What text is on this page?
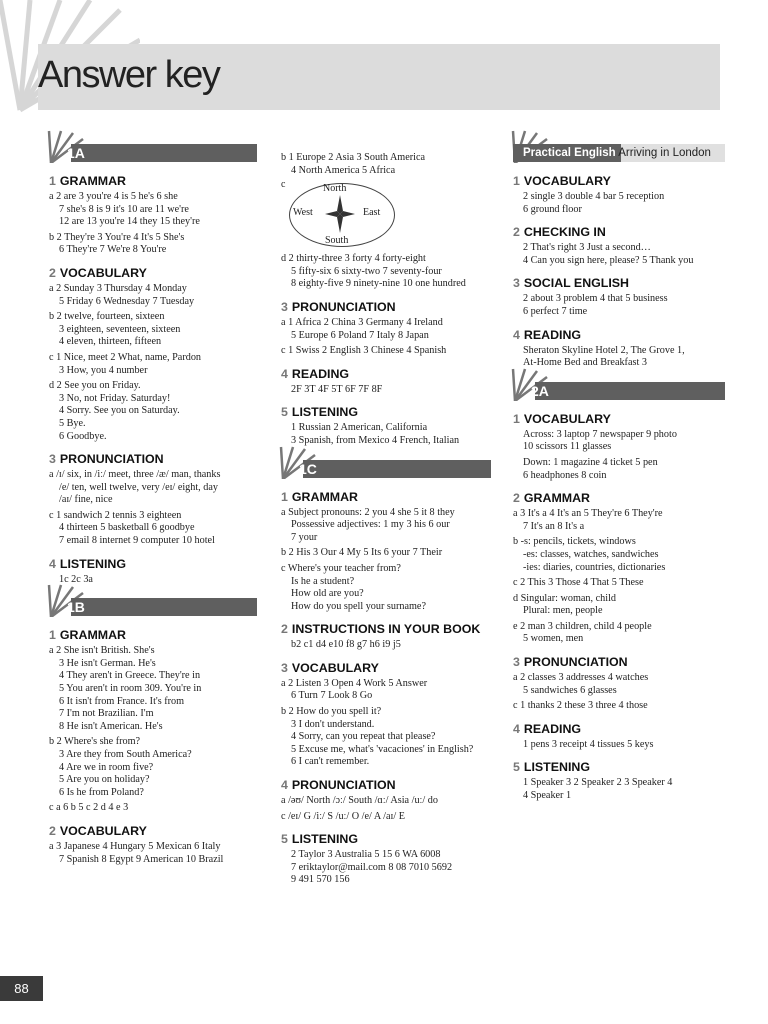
Answer key
1A
1 GRAMMAR
a 2 are 3 you're 4 is 5 he's 6 she
7 she's 8 is 9 it's 10 are 11 we're
12 are 13 you're 14 they 15 they're
b 2 They're 3 You're 4 It's 5 She's
6 They're 7 We're 8 You're
2 VOCABULARY
a 2 Sunday 3 Thursday 4 Monday
5 Friday 6 Wednesday 7 Tuesday
b 2 twelve, fourteen, sixteen
3 eighteen, seventeen, sixteen
4 eleven, thirteen, fifteen
c 1 Nice, meet 2 What, name, Pardon
3 How, you 4 number
d 2 See you on Friday.
3 No, not Friday. Saturday!
4 Sorry. See you on Saturday.
5 Bye.
6 Goodbye.
3 PRONUNCIATION
a /ɪ/ six, in /iː/ meet, three /æ/ man, thanks
/e/ ten, well twelve, very /eɪ/ eight, day
/aɪ/ fine, nice
c 1 sandwich 2 tennis 3 eighteen
4 thirteen 5 basketball 6 goodbye
7 email 8 internet 9 computer 10 hotel
4 LISTENING
1c 2c 3a
1B
1 GRAMMAR
a 2 She isn't British. She's
3 He isn't German. He's
4 They aren't in Greece. They're in
5 You aren't in room 309. You're in
6 It isn't from France. It's from
7 I'm not Brazilian. I'm
8 He isn't American. He's
b 2 Where's she from?
3 Are they from South America?
4 Are we in room five?
5 Are you on holiday?
6 Is he from Poland?
c a 6 b 5 c 2 d 4 e 3
2 VOCABULARY
a 3 Japanese 4 Hungary 5 Mexican 6 Italy
7 Spanish 8 Egypt 9 American 10 Brazil
b 1 Europe 2 Asia 3 South America
4 North America 5 Africa
c	North
South
West	East
d 2 thirty-three 3 forty 4 forty-eight
5 fifty-six 6 sixty-two 7 seventy-four
8 eighty-five 9 ninety-nine 10 one hundred
3 PRONUNCIATION
a 1 Africa 2 China 3 Germany 4 Ireland
5 Europe 6 Poland 7 Italy 8 Japan
c 1 Swiss 2 English 3 Chinese 4 Spanish
4 READING
2F 3T 4F 5T 6F 7F 8F
5 LISTENING
1 Russian 2 American, California
3 Spanish, from Mexico 4 French, Italian
1C
1 GRAMMAR
a Subject pronouns: 2 you 4 she 5 it 8 they
Possessive adjectives: 1 my 3 his 6 our
7 your
b 2 His 3 Our 4 My 5 Its 6 your 7 Their
c Where's your teacher from?
Is he a student?
How old are you?
How do you spell your surname?
2 INSTRUCTIONS IN YOUR BOOK
b2 c1 d4 e10 f8 g7 h6 i9 j5
3 VOCABULARY
a 2 Listen 3 Open 4 Work 5 Answer
6 Turn 7 Look 8 Go
b 2 How do you spell it?
3 I don't understand.
4 Sorry, can you repeat that please?
5 Excuse me, what's 'vacaciones' in English?
6 I can't remember.
4 PRONUNCIATION
a /əʊ/ North /ɔː/ South /ɑː/ Asia /uː/ do
c /eɪ/ G /iː/ S /uː/ O /e/ A /aɪ/ E
5 LISTENING
2 Taylor 3 Australia 5 15 6 WA 6008
7 eriktaylor@mail.com 8 08 7010 5692
9 491 570 156
Practical English Arriving in London
1 VOCABULARY
2 single 3 double 4 bar 5 reception
6 ground floor
2 CHECKING IN
2 That's right 3 Just a second…
4 Can you sign here, please? 5 Thank you
3 SOCIAL ENGLISH
2 about 3 problem 4 that 5 business
6 perfect 7 time
4 READING
Sheraton Skyline Hotel 2, The Grove 1,
At-Home Bed and Breakfast 3
2A
1 VOCABULARY
Across: 3 laptop 7 newspaper 9 photo
10 scissors 11 glasses
Down: 1 magazine 4 ticket 5 pen
6 headphones 8 coin
2 GRAMMAR
a 3 It's a 4 It's an 5 They're 6 They're
7 It's an 8 It's a
b -s: pencils, tickets, windows
-es: classes, watches, sandwiches
-ies: diaries, countries, dictionaries
c 2 This 3 Those 4 That 5 These
d Singular: woman, child
Plural: men, people
e 2 man 3 children, child 4 people
5 women, men
3 PRONUNCIATION
a 2 classes 3 addresses 4 watches
5 sandwiches 6 glasses
c 1 thanks 2 these 3 three 4 those
4 READING
1 pens 3 receipt 4 tissues 5 keys
5 LISTENING
1 Speaker 3 2 Speaker 2 3 Speaker 4
4 Speaker 1
88
